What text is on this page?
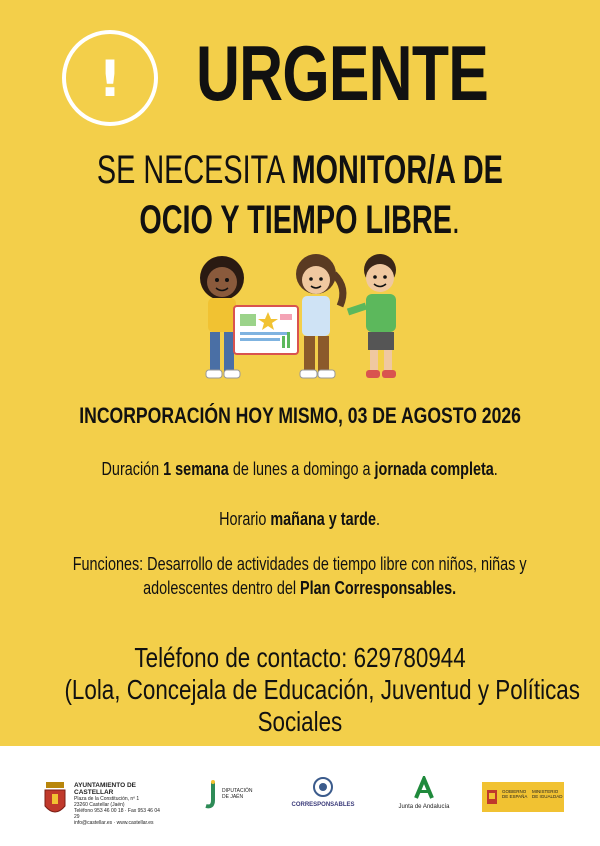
! URGENTE
SE NECESITA MONITOR/A DE
OCIO Y TIEMPO LIBRE.
INCORPORACIÓN HOY MISMO, 03 DE AGOSTO 2026
Duración 1 semana de lunes a domingo a jornada completa.
Horario mañana y tarde.
Funciones: Desarrollo de actividades de tiempo libre con niños, niñas y
adolescentes dentro del Plan Corresponsables.
Teléfono de contacto: 629780944
(Lola, Concejala de Educación, Juventud y Políticas
Sociales
AYUNTAMIENTO DE CASTELLAR
Plaza de la Constitución, nº 1
23260 Castellar (Jaén)
Teléfono 953 46 00 18 · Fax 953 46 04 29
info@castellar.es · www.castellar.es
DIPUTACIÓN
DE JAÉN
CORRESPONSABLES	Junta de Andalucía
GOBIERNO
DE ESPAÑA
MINISTERIO
DE IGUALDAD
